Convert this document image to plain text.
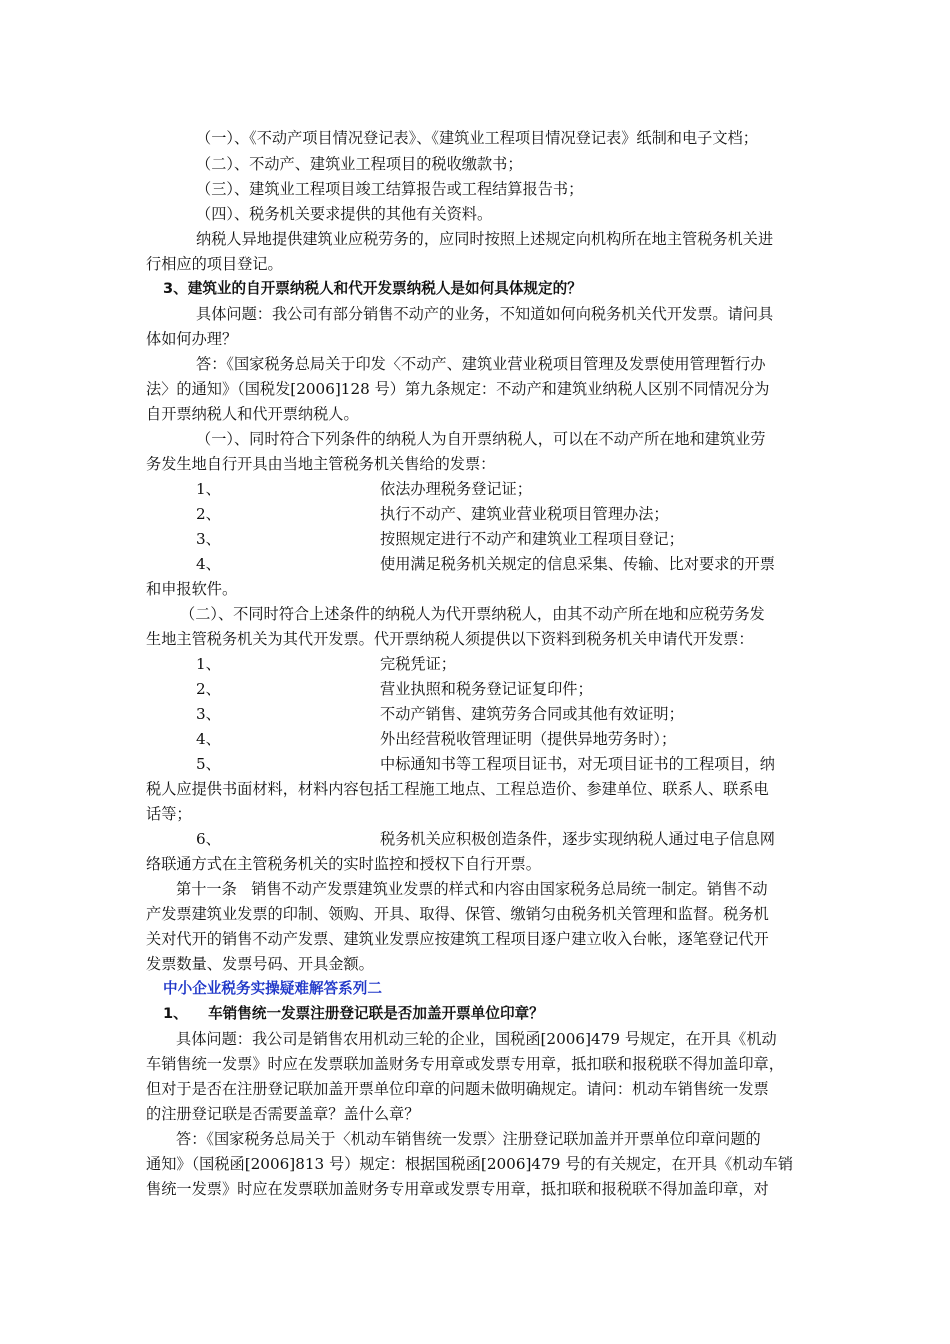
（一）、《不动产项目情况登记表》、《建筑业工程项目情况登记表》纸制和电子文档；
（二）、不动产、建筑业工程项目的税收缴款书；
（三）、建筑业工程项目竣工结算报告或工程结算报告书；
（四）、税务机关要求提供的其他有关资料。
纳税人异地提供建筑业应税劳务的，应同时按照上述规定向机构所在地主管税务机关进
行相应的项目登记。
3、建筑业的自开票纳税人和代开发票纳税人是如何具体规定的？
具体问题：我公司有部分销售不动产的业务，不知道如何向税务机关代开发票。请问具
体如何办理？
答：《国家税务总局关于印发〈不动产、建筑业营业税项目管理及发票使用管理暂行办
法〉的通知》（国税发[2006]128 号）第九条规定：不动产和建筑业纳税人区别不同情况分为
自开票纳税人和代开票纳税人。
（一）、同时符合下列条件的纳税人为自开票纳税人，可以在不动产所在地和建筑业劳
务发生地自行开具由当地主管税务机关售给的发票：
1、	依法办理税务登记证；
2、	执行不动产、建筑业营业税项目管理办法；
3、	按照规定进行不动产和建筑业工程项目登记；
4、	使用满足税务机关规定的信息采集、传输、比对要求的开票
和申报软件。
（二）、不同时符合上述条件的纳税人为代开票纳税人，由其不动产所在地和应税劳务发
生地主管税务机关为其代开发票。代开票纳税人须提供以下资料到税务机关申请代开发票：
1、	完税凭证；
2、	营业执照和税务登记证复印件；
3、	不动产销售、建筑劳务合同或其他有效证明；
4、	外出经营税收管理证明（提供异地劳务时）；
5、	中标通知书等工程项目证书，对无项目证书的工程项目，纳
税人应提供书面材料，材料内容包括工程施工地点、工程总造价、参建单位、联系人、联系电
话等；
6、	税务机关应积极创造条件，逐步实现纳税人通过电子信息网
络联通方式在主管税务机关的实时监控和授权下自行开票。
第十一条   销售不动产发票建筑业发票的样式和内容由国家税务总局统一制定。销售不动
产发票建筑业发票的印制、领购、开具、取得、保管、缴销匀由税务机关管理和监督。税务机
关对代开的销售不动产发票、建筑业发票应按建筑工程项目逐户建立收入台帐，逐笔登记代开
发票数量、发票号码、开具金额。
中小企业税务实操疑难解答系列二
1、    车销售统一发票注册登记联是否加盖开票单位印章？
具体问题：我公司是销售农用机动三轮的企业，国税函[2006]479 号规定，在开具《机动
车销售统一发票》时应在发票联加盖财务专用章或发票专用章，抵扣联和报税联不得加盖印章，
但对于是否在注册登记联加盖开票单位印章的问题未做明确规定。请问：机动车销售统一发票
的注册登记联是否需要盖章？盖什么章？
答：《国家税务总局关于〈机动车销售统一发票〉注册登记联加盖并开票单位印章问题的
通知》（国税函[2006]813 号）规定：根据国税函[2006]479 号的有关规定，在开具《机动车销
售统一发票》时应在发票联加盖财务专用章或发票专用章，抵扣联和报税联不得加盖印章，对
